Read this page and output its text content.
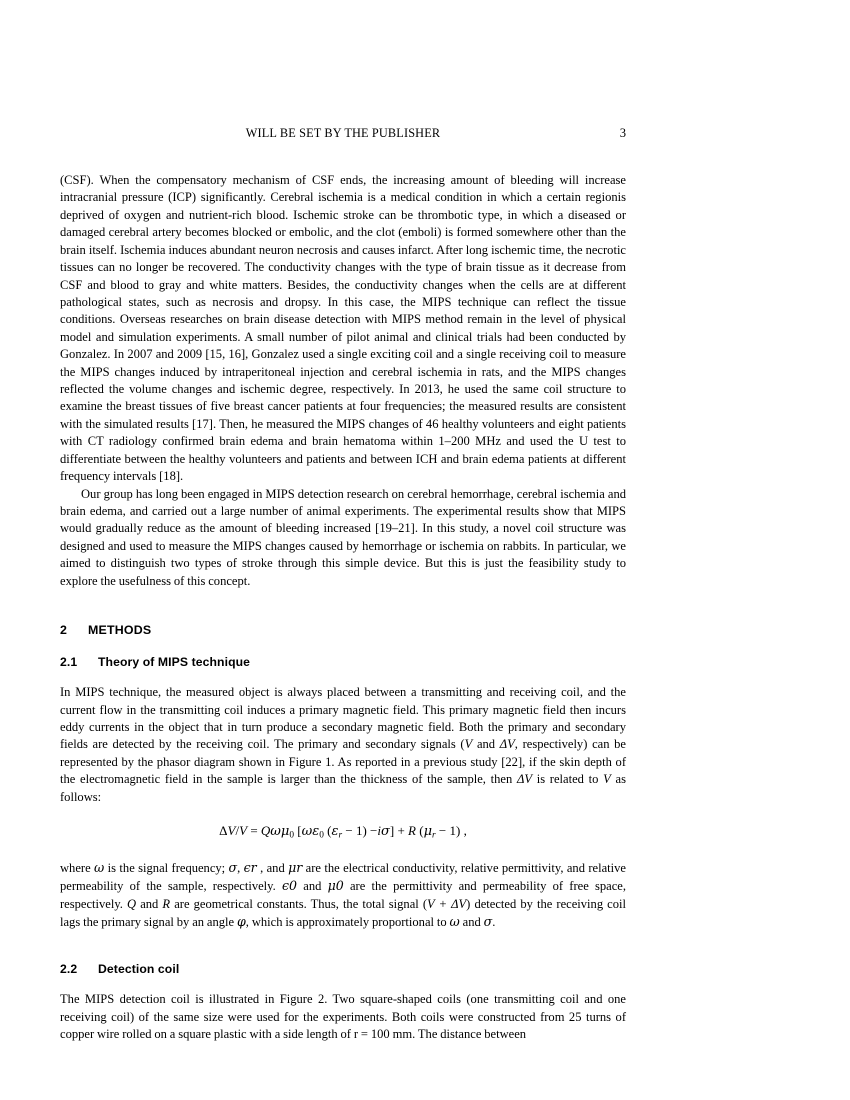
WILL BE SET BY THE PUBLISHER	3

(CSF). When the compensatory mechanism of CSF ends, the increasing amount of bleeding will increase intracranial pressure (ICP) significantly. Cerebral ischemia is a medical condition in which a certain regionis deprived of oxygen and nutrient-rich blood. Ischemic stroke can be thrombotic type, in which a diseased or damaged cerebral artery becomes blocked or embolic, and the clot (emboli) is formed somewhere other than the brain itself. Ischemia induces abundant neuron necrosis and causes infarct. After long ischemic time, the necrotic tissues can no longer be recovered. The conductivity changes with the type of brain tissue as it decrease from CSF and blood to gray and white matters. Besides, the conductivity changes when the cells are at different pathological states, such as necrosis and dropsy. In this case, the MIPS technique can reflect the tissue conditions. Overseas researches on brain disease detection with MIPS method remain in the level of physical model and simulation experiments. A small number of pilot animal and clinical trials had been conducted by Gonzalez. In 2007 and 2009 [15, 16], Gonzalez used a single exciting coil and a single receiving coil to measure the MIPS changes induced by intraperitoneal injection and cerebral ischemia in rats, and the MIPS changes reflected the volume changes and ischemic degree, respectively. In 2013, he used the same coil structure to examine the breast tissues of five breast cancer patients at four frequencies; the measured results are consistent with the simulated results [17]. Then, he measured the MIPS changes of 46 healthy volunteers and eight patients with CT radiology confirmed brain edema and brain hematoma within 1–200 MHz and used the U test to differentiate between the healthy volunteers and patients and between ICH and brain edema patients at different frequency intervals [18].

Our group has long been engaged in MIPS detection research on cerebral hemorrhage, cerebral ischemia and brain edema, and carried out a large number of animal experiments. The experimental results show that MIPS would gradually reduce as the amount of bleeding increased [19–21]. In this study, a novel coil structure was designed and used to measure the MIPS changes caused by hemorrhage or ischemia on rabbits. In particular, we aimed to distinguish two types of stroke through this simple device. But this is just the feasibility study to explore the usefulness of this concept.

2 METHODS
2.1 Theory of MIPS technique

In MIPS technique, the measured object is always placed between a transmitting and receiving coil, and the current flow in the transmitting coil induces a primary magnetic field. This primary magnetic field then incurs eddy currents in the object that in turn produce a secondary magnetic field. Both the primary and secondary fields are detected by the receiving coil. The primary and secondary signals (V and ΔV, respectively) can be represented by the phasor diagram shown in Figure 1. As reported in a previous study [22], if the skin depth of the electromagnetic field in the sample is larger than the thickness of the sample, then ΔV is related to V as follows:

ΔV/V = Qωμ$_0$ [$\omega\varepsilon_0$ $(\varepsilon_r - 1) -i\sigma] + R$ $(\mu_r - 1)$ ,

where ω is the signal frequency; σ, ϵr , and μr are the electrical conductivity, relative permittivity, and relative permeability of the sample, respectively. ϵ0 and μ0 are the permittivity and permeability of free space, respectively. Q and R are geometrical constants. Thus, the total signal (V + ΔV) detected by the receiving coil lags the primary signal by an angle φ, which is approximately proportional to ω and σ.

2.2 Detection coil

The MIPS detection coil is illustrated in Figure 2. Two square-shaped coils (one transmitting coil and one receiving coil) of the same size were used for the experiments. Both coils were constructed from 25 turns of copper wire rolled on a square plastic with a side length of r = 100 mm. The distance between
